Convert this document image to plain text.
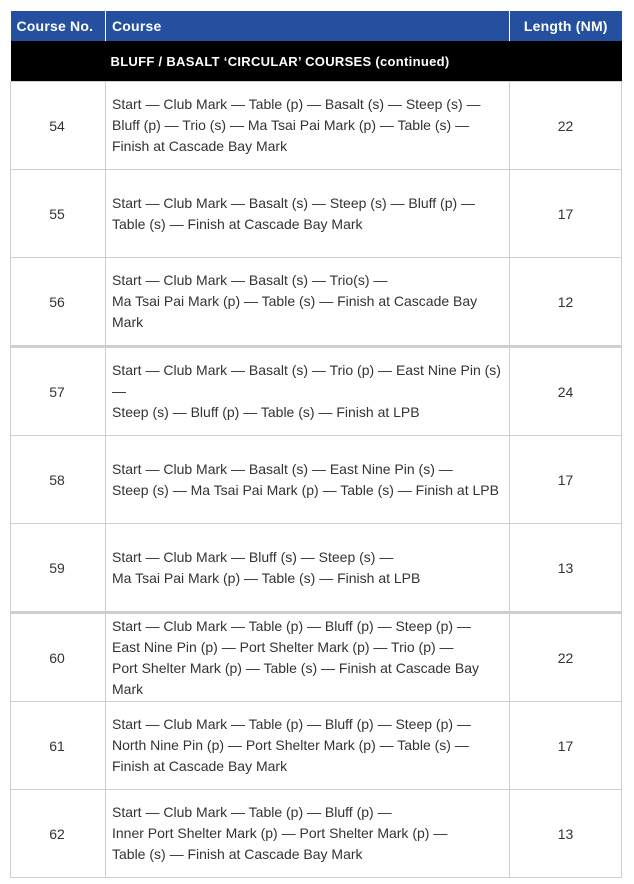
Course No.	Course	Length (NM)
BLUFF / BASALT ‘CIRCULAR’ COURSES (continued)		
54	Start — Club Mark — Table (p) — Basalt (s) — Steep (s) —
Bluff (p) — Trio (s) — Ma Tsai Pai Mark (p) — Table (s) —
Finish at Cascade Bay Mark	22
55	Start — Club Mark — Basalt (s) — Steep (s) — Bluff (p) —
Table (s) — Finish at Cascade Bay Mark	17
56	Start — Club Mark — Basalt (s) — Trio(s) —
Ma Tsai Pai Mark (p) — Table (s) — Finish at Cascade Bay Mark	12
57	Start — Club Mark — Basalt (s) — Trio (p) — East Nine Pin (s) —
Steep (s) — Bluff (p) — Table (s) — Finish at LPB	24
58	Start — Club Mark — Basalt (s) — East Nine Pin (s) —
Steep (s) — Ma Tsai Pai Mark (p) — Table (s) — Finish at LPB	17
59	Start — Club Mark — Bluff (s) — Steep (s) —
Ma Tsai Pai Mark (p) — Table (s) — Finish at LPB	13
60	Start — Club Mark — Table (p) — Bluff (p) — Steep (p) —
East Nine Pin (p) — Port Shelter Mark (p) — Trio (p) —
Port Shelter Mark (p) — Table (s) — Finish at Cascade Bay Mark	22
61	Start — Club Mark — Table (p) — Bluff (p) — Steep (p) —
North Nine Pin (p) — Port Shelter Mark (p) — Table (s) —
Finish at Cascade Bay Mark	17
62	Start — Club Mark — Table (p) — Bluff (p) —
Inner Port Shelter Mark (p) — Port Shelter Mark (p) —
Table (s) — Finish at Cascade Bay Mark	13
